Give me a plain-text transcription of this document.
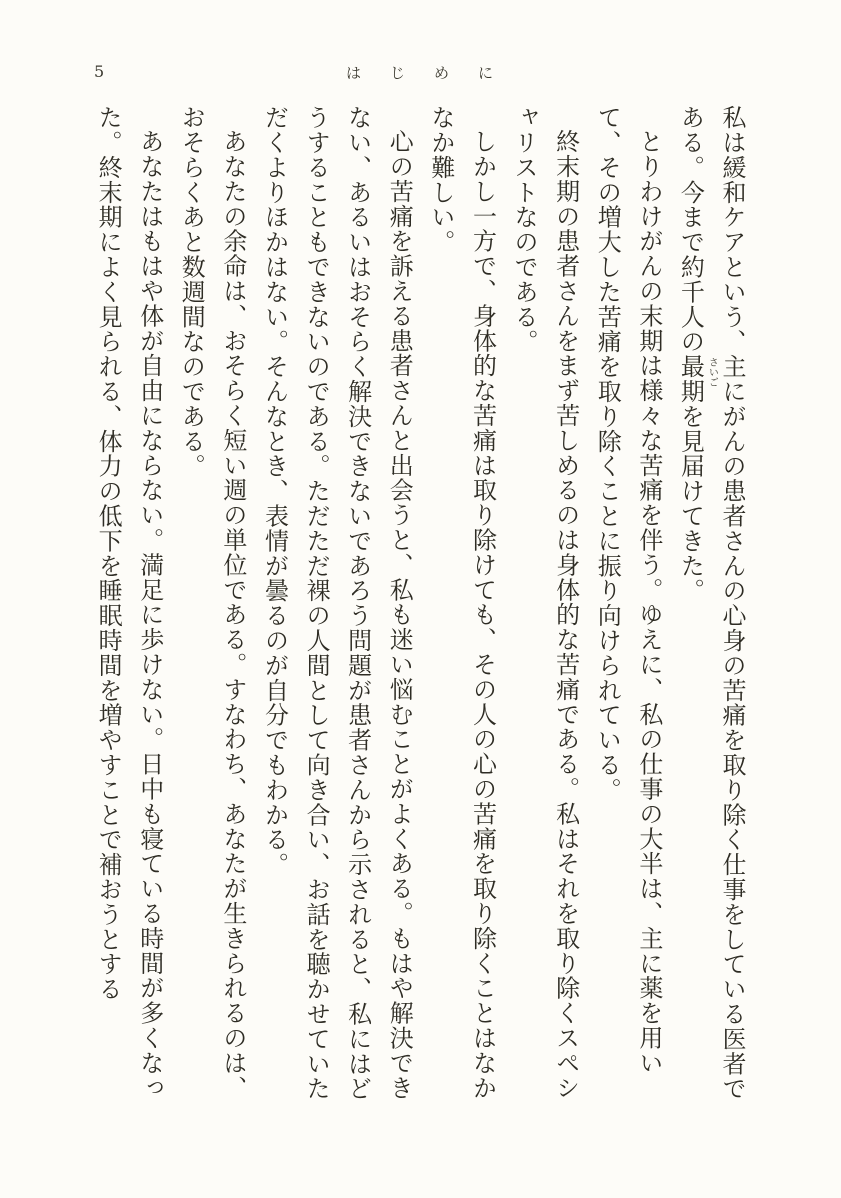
5	はじめに

私は緩和ケアという、主にがんの患者さんの心身の苦痛を取り除く仕事をしている医者である。今まで約千人の最期 さいご
を見届けてきた。

とりわけがんの末期は様々な苦痛を伴う。ゆえに、私の仕事の大半は、主に薬を用いて、その増大した苦痛を取り除くことに振り向けられている。

終末期の患者さんをまず苦しめるのは身体的な苦痛である。私はそれを取り除くスペシャリストなのである。

しかし一方で、身体的な苦痛は取り除けても、その人の心の苦痛を取り除くことはなかなか難しい。

心の苦痛を訴える患者さんと出会うと、私も迷い悩むことがよくある。もはや解決できない、あるいはおそらく解決できないであろう問題が患者さんから示されると、私にはどうすることもできないのである。ただただ裸の人間として向き合い、お話を聴かせていただくよりほかはない。そんなとき、表情が曇るのが自分でもわかる。

あなたの余命は、おそらく短い週の単位である。すなわち、あなたが生きられるのは、おそらくあと数週間なのである。

あなたはもはや体が自由にならない。満足に歩けない。日中も寝ている時間が多くなった。終末期によく見られる、体力の低下を睡眠時間を増やすことで補おうとする
